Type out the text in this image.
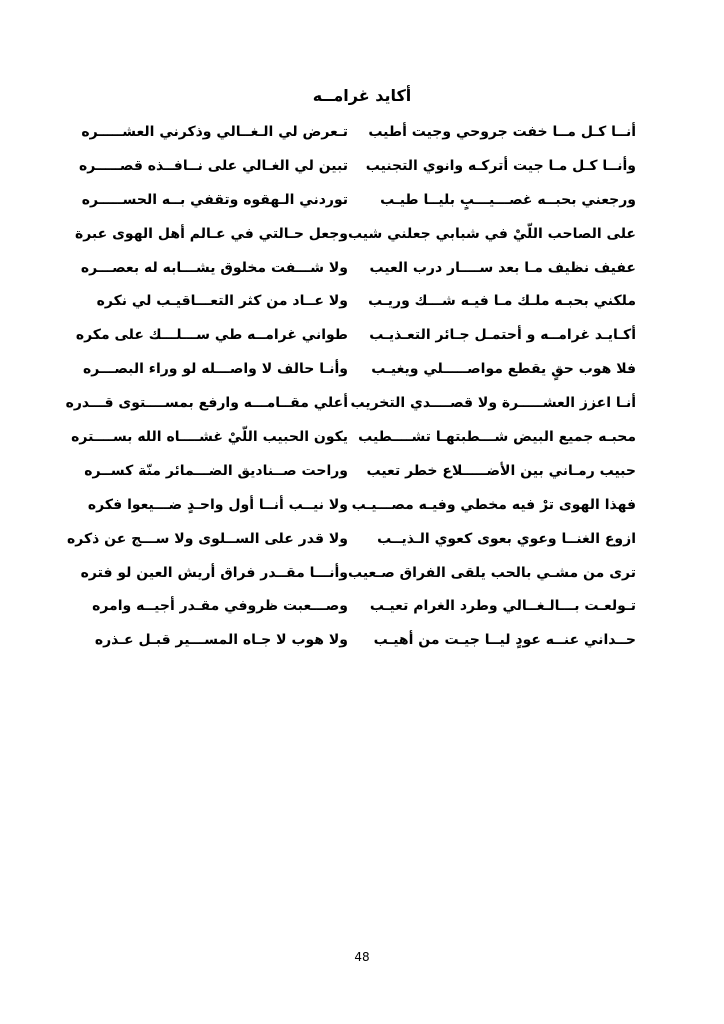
أكايد غرامــه
أنــا كـل مــا خفت جروحي وجيت أطيب
تـعرض لي الـغــالي وذكرني العشـــــره
وأنــا كـل مـا جيت أتركـه وانوي التجنيب
تبين لي الغـالي على نــافــذه قصـــــره
ورجعني بحبــه غصـــيـــبٍ بليــا طيـب
توردني الـهقوه وتقفي بــه الحســـــره
على الصاحب اللّيْ في شبابي جعلني شيب
وجعل حـالتي في عـالم أهل الهوى عبرة
عفيف نظيف مـا بعد ســــار درب العيب
ولا شـــفت مخلوق يشـــابه له بعصـــره
ملكني بحبـه ملـك مـا فيـه شـــك وريـب
ولا عــاد من كثر التعـــاقيـب لي نكره
أكـايـد غرامــه و أحتمـل جـائر التعـذيـب
طواني غرامــه طي ســـلـــك على مكره
فلا هوب حقٍ يقطع مواصـــــلي ويغيـب
وأنـا حالف لا واصـــله لو وراء البصـــره
أنـا اعزز العشـــــرة ولا قصــــدي التخريب
أعلي مقــامـــه وارفع بمســــتوى قـــدره
محبـه جميع البيض شـــطبتهـا تشــــطيب
يكون الحبيب اللّيْ غشــــاه الله بســــتره
حبيب رمـاني بين الأضـــــلاع خطر تعيب
وراحت صــناديق الضـــمائر منّة كســره
فهذا الهوى ترْ فيه مخطي وفيـه مصـــيـب
ولا نيــب أنــا أول واحـدٍ ضـــيعوا فكره
ازوع الغنــا وعوي بعوى كعوي الـذيــب
ولا قدر على الســلوى ولا ســـج عن ذكره
ترى من مشـي بالحب يلقى الفراق صـعيب
وأنـــا مقــدر فراق أريش العين لو فتره
تـولعـت بـــالـغــالي وطرد الغرام تعيـب
وصـــعبت ظروفي مقـدر أجيــه وامره
حــداني عنــه عودٍ ليــا جيـت من أهيـب
ولا هوب لا جـاه المســـير قبـل عـذره
48
